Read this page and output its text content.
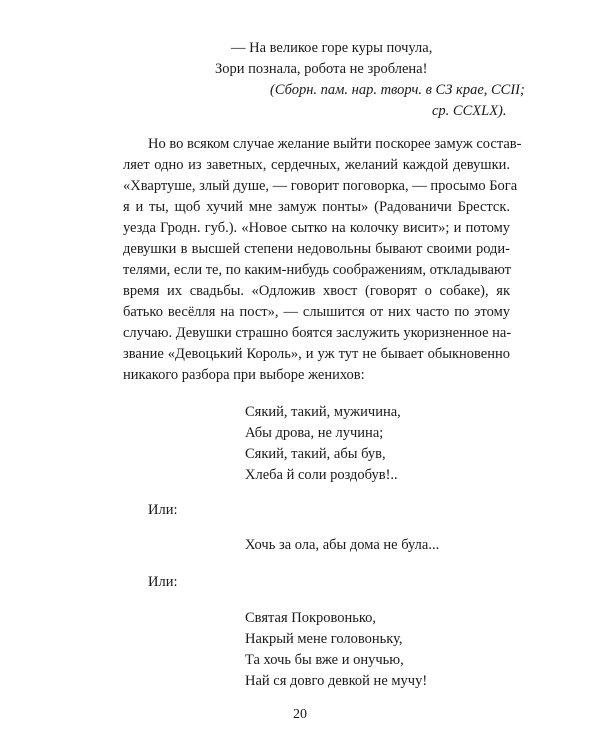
— На великое горе куры почула,
Зори познала, робота не зроблена!
(Сборн. пам. нар. творч. в СЗ крае, CCII;
ср. CCXLX).
Но во всяком случае желание выйти поскорее замуж состав-
ляет одно из заветных, сердечных, желаний каждой девушки.
«Хвартуше, злый душе, — говорит поговорка, — просымо Бога
я и ты, щоб хучий мне замуж понты» (Радованичи Брестск.
уезда Гродн. губ.). «Новое сытко на колочку висит»; и потому
девушки в высшей степени недовольны бывают своими роди-
телями, если те, по каким-нибудь соображениям, откладывают
время их свадьбы. «Одложив хвост (говорят о собаке), як
батько весёлля на пост», — слышится от них часто по этому
случаю. Девушки страшно боятся заслужить укоризненное на-
звание «Девоцький Король», и уж тут не бывает обыкновенно
никакого разбора при выборе женихов:
Сякий, такий, мужичина,
Абы дрова, не лучина;
Сякий, такий, абы був,
Хлеба й соли роздобув!..
Или:
Хочь за ола, абы дома не була...
Или:
Святая Покровонько,
Накрый мене головоньку,
Та хочь бы вже и онучью,
Най ся довго девкой не мучу!
20
